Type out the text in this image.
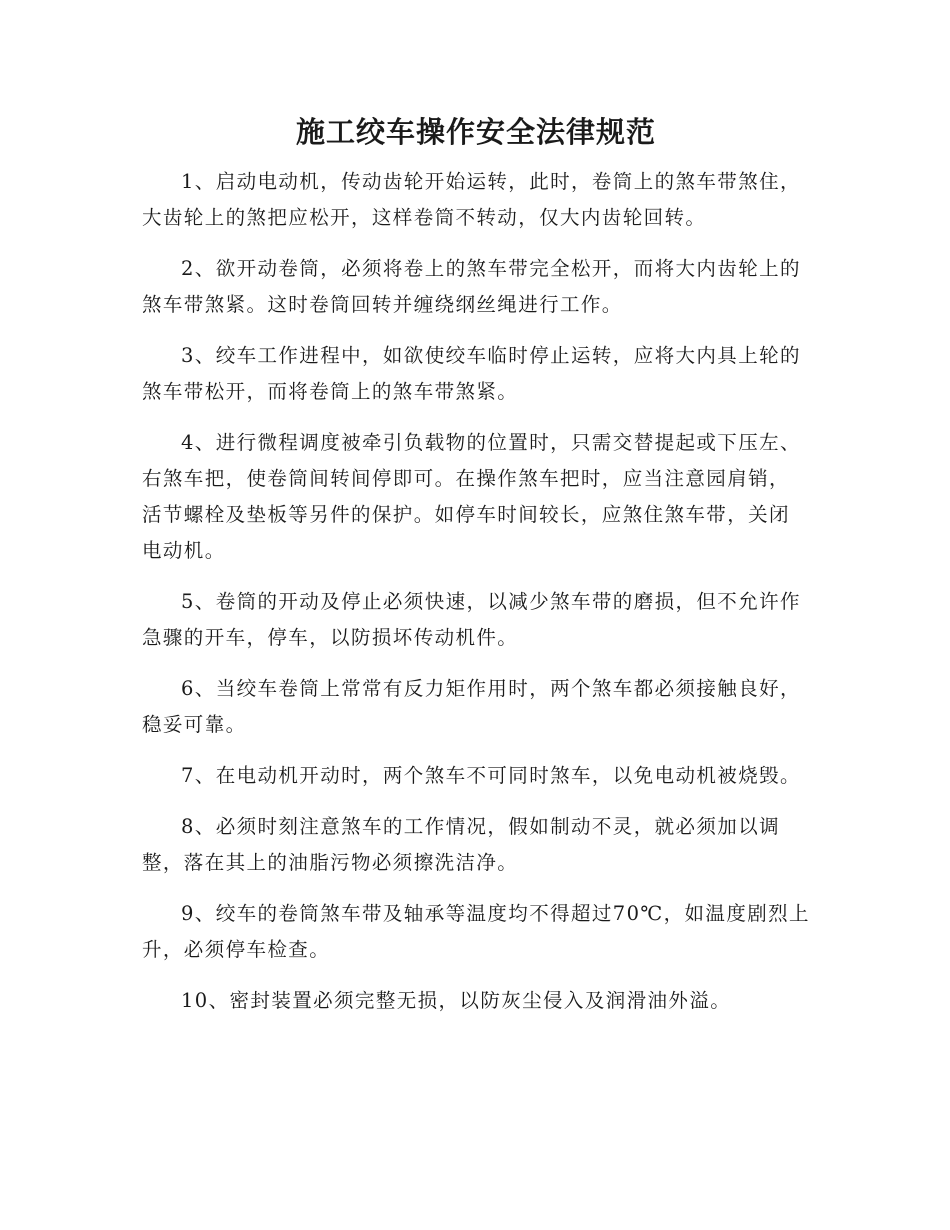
施工绞车操作安全法律规范

1、启动电动机，传动齿轮开始运转，此时，卷筒上的煞车带煞住，大齿轮上的煞把应松开，这样卷筒不转动，仅大内齿轮回转。

2、欲开动卷筒，必须将卷上的煞车带完全松开，而将大内齿轮上的煞车带煞紧。这时卷筒回转并缠绕纲丝绳进行工作。

3、绞车工作进程中，如欲使绞车临时停止运转，应将大内具上轮的煞车带松开，而将卷筒上的煞车带煞紧。

4、进行微程调度被牵引负载物的位置时，只需交替提起或下压左、右煞车把，使卷筒间转间停即可。在操作煞车把时，应当注意园肩销，活节螺栓及垫板等另件的保护。如停车时间较长，应煞住煞车带，关闭电动机。

5、卷筒的开动及停止必须快速，以减少煞车带的磨损，但不允许作急骤的开车，停车，以防损坏传动机件。

6、当绞车卷筒上常常有反力矩作用时，两个煞车都必须接触良好，稳妥可靠。

7、在电动机开动时，两个煞车不可同时煞车，以免电动机被烧毁。

8、必须时刻注意煞车的工作情况，假如制动不灵，就必须加以调整，落在其上的油脂污物必须擦洗洁净。

9、绞车的卷筒煞车带及轴承等温度均不得超过70℃，如温度剧烈上升，必须停车检查。

10、密封装置必须完整无损，以防灰尘侵入及润滑油外溢。
